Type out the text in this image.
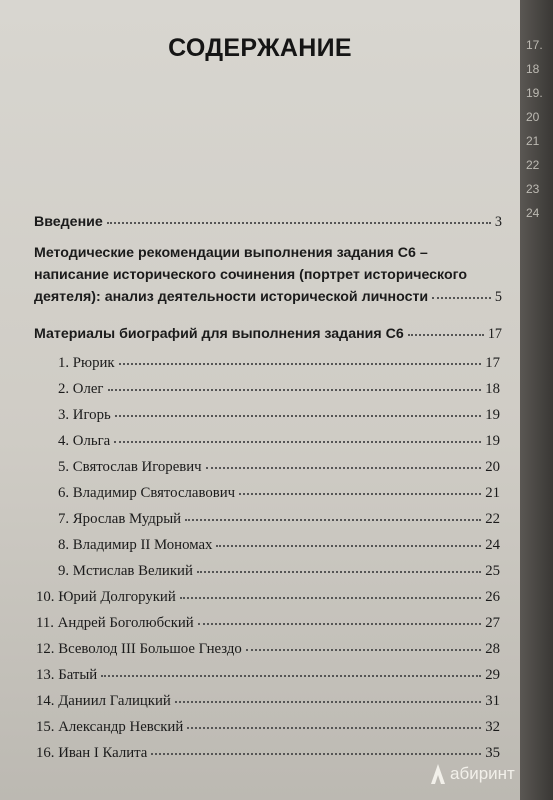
СОДЕРЖАНИЕ
Введение	3
Методические рекомендации выполнения задания С6 –
написание исторического сочинения (портрет исторического
деятеля): анализ деятельности исторической личности	5
Материалы биографий для выполнения задания С6	17
1. Рюрик	17
2. Олег	18
3. Игорь	19
4. Ольга	19
5. Святослав Игоревич	20
6. Владимир Святославович	21
7. Ярослав Мудрый	22
8. Владимир II Мономах	24
9. Мстислав Великий	25
10. Юрий Долгорукий	26
11. Андрей Боголюбский	27
12. Всеволод III Большое Гнездо	28
13. Батый	29
14. Даниил Галицкий	31
15. Александр Невский	32
16. Иван I Калита	35
17.
18
19.
20
21
22
23
24
абиринт
